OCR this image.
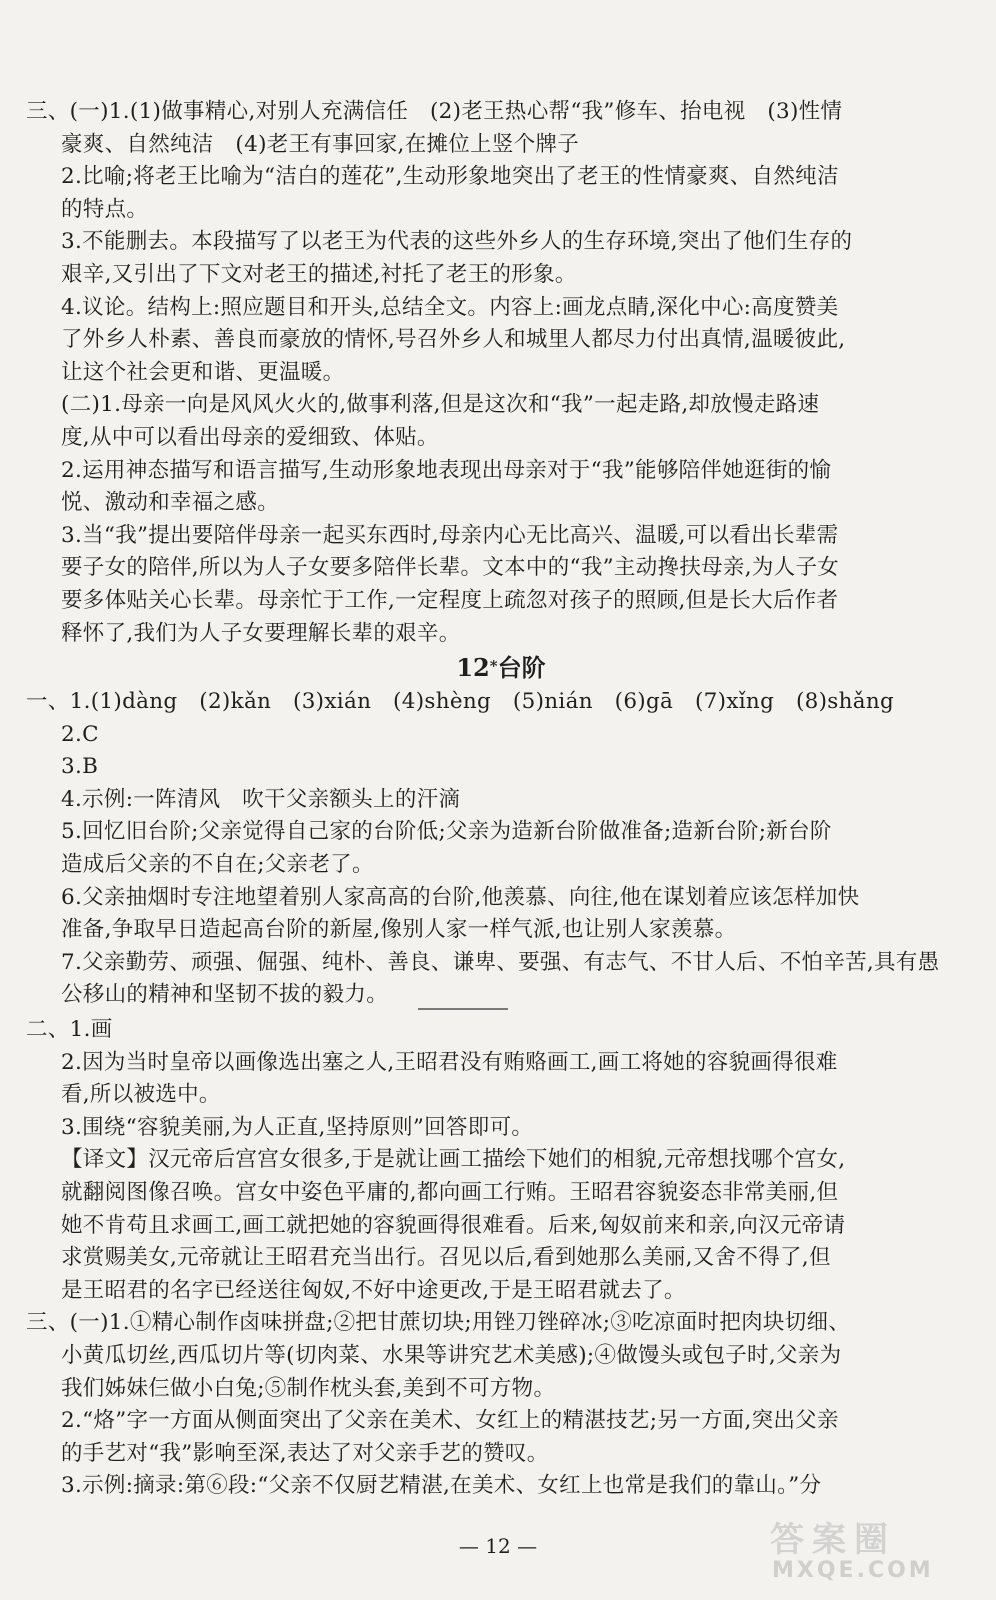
三、(一)1.(1)做事精心,对别人充满信任　(2)老王热心帮“我”修车、抬电视　(3)性情
豪爽、自然纯洁　(4)老王有事回家,在摊位上竖个牌子
2.比喻;将老王比喻为“洁白的莲花”,生动形象地突出了老王的性情豪爽、自然纯洁
的特点。
3.不能删去。本段描写了以老王为代表的这些外乡人的生存环境,突出了他们生存的
艰辛,又引出了下文对老王的描述,衬托了老王的形象。
4.议论。结构上:照应题目和开头,总结全文。内容上:画龙点睛,深化中心:高度赞美
了外乡人朴素、善良而豪放的情怀,号召外乡人和城里人都尽力付出真情,温暖彼此,
让这个社会更和谐、更温暖。
(二)1.母亲一向是风风火火的,做事利落,但是这次和“我”一起走路,却放慢走路速
度,从中可以看出母亲的爱细致、体贴。
2.运用神态描写和语言描写,生动形象地表现出母亲对于“我”能够陪伴她逛街的愉
悦、激动和幸福之感。
3.当“我”提出要陪伴母亲一起买东西时,母亲内心无比高兴、温暖,可以看出长辈需
要子女的陪伴,所以为人子女要多陪伴长辈。文本中的“我”主动搀扶母亲,为人子女
要多体贴关心长辈。母亲忙于工作,一定程度上疏忽对孩子的照顾,但是长大后作者
释怀了,我们为人子女要理解长辈的艰辛。
12*台阶
一、1.(1)dàng　(2)kǎn　(3)xián　(4)shèng　(5)nián　(6)gā　(7)xǐng　(8)shǎng
2.C
3.B
4.示例:一阵清风　吹干父亲额头上的汗滴
5.回忆旧台阶;父亲觉得自己家的台阶低;父亲为造新台阶做准备;造新台阶;新台阶
造成后父亲的不自在;父亲老了。
6.父亲抽烟时专注地望着别人家高高的台阶,他羡慕、向往,他在谋划着应该怎样加快
准备,争取早日造起高台阶的新屋,像别人家一样气派,也让别人家羡慕。
7.父亲勤劳、顽强、倔强、纯朴、善良、谦卑、要强、有志气、不甘人后、不怕辛苦,具有愚
公移山的精神和坚韧不拔的毅力。
二、1.画
2.因为当时皇帝以画像选出塞之人,王昭君没有贿赂画工,画工将她的容貌画得很难
看,所以被选中。
3.围绕“容貌美丽,为人正直,坚持原则”回答即可。
【译文】汉元帝后宫宫女很多,于是就让画工描绘下她们的相貌,元帝想找哪个宫女,
就翻阅图像召唤。宫女中姿色平庸的,都向画工行贿。王昭君容貌姿态非常美丽,但
她不肯苟且求画工,画工就把她的容貌画得很难看。后来,匈奴前来和亲,向汉元帝请
求赏赐美女,元帝就让王昭君充当出行。召见以后,看到她那么美丽,又舍不得了,但
是王昭君的名字已经送往匈奴,不好中途更改,于是王昭君就去了。
三、(一)1.①精心制作卤味拼盘;②把甘蔗切块;用锉刀锉碎冰;③吃凉面时把肉块切细、
小黄瓜切丝,西瓜切片等(切肉菜、水果等讲究艺术美感);④做馒头或包子时,父亲为
我们姊妹仨做小白兔;⑤制作枕头套,美到不可方物。
2.“烙”字一方面从侧面突出了父亲在美术、女红上的精湛技艺;另一方面,突出父亲
的手艺对“我”影响至深,表达了对父亲手艺的赞叹。
3.示例:摘录:第⑥段:“父亲不仅厨艺精湛,在美术、女红上也常是我们的靠山。”分
— 12 —	答案圈
MXQE.COM
